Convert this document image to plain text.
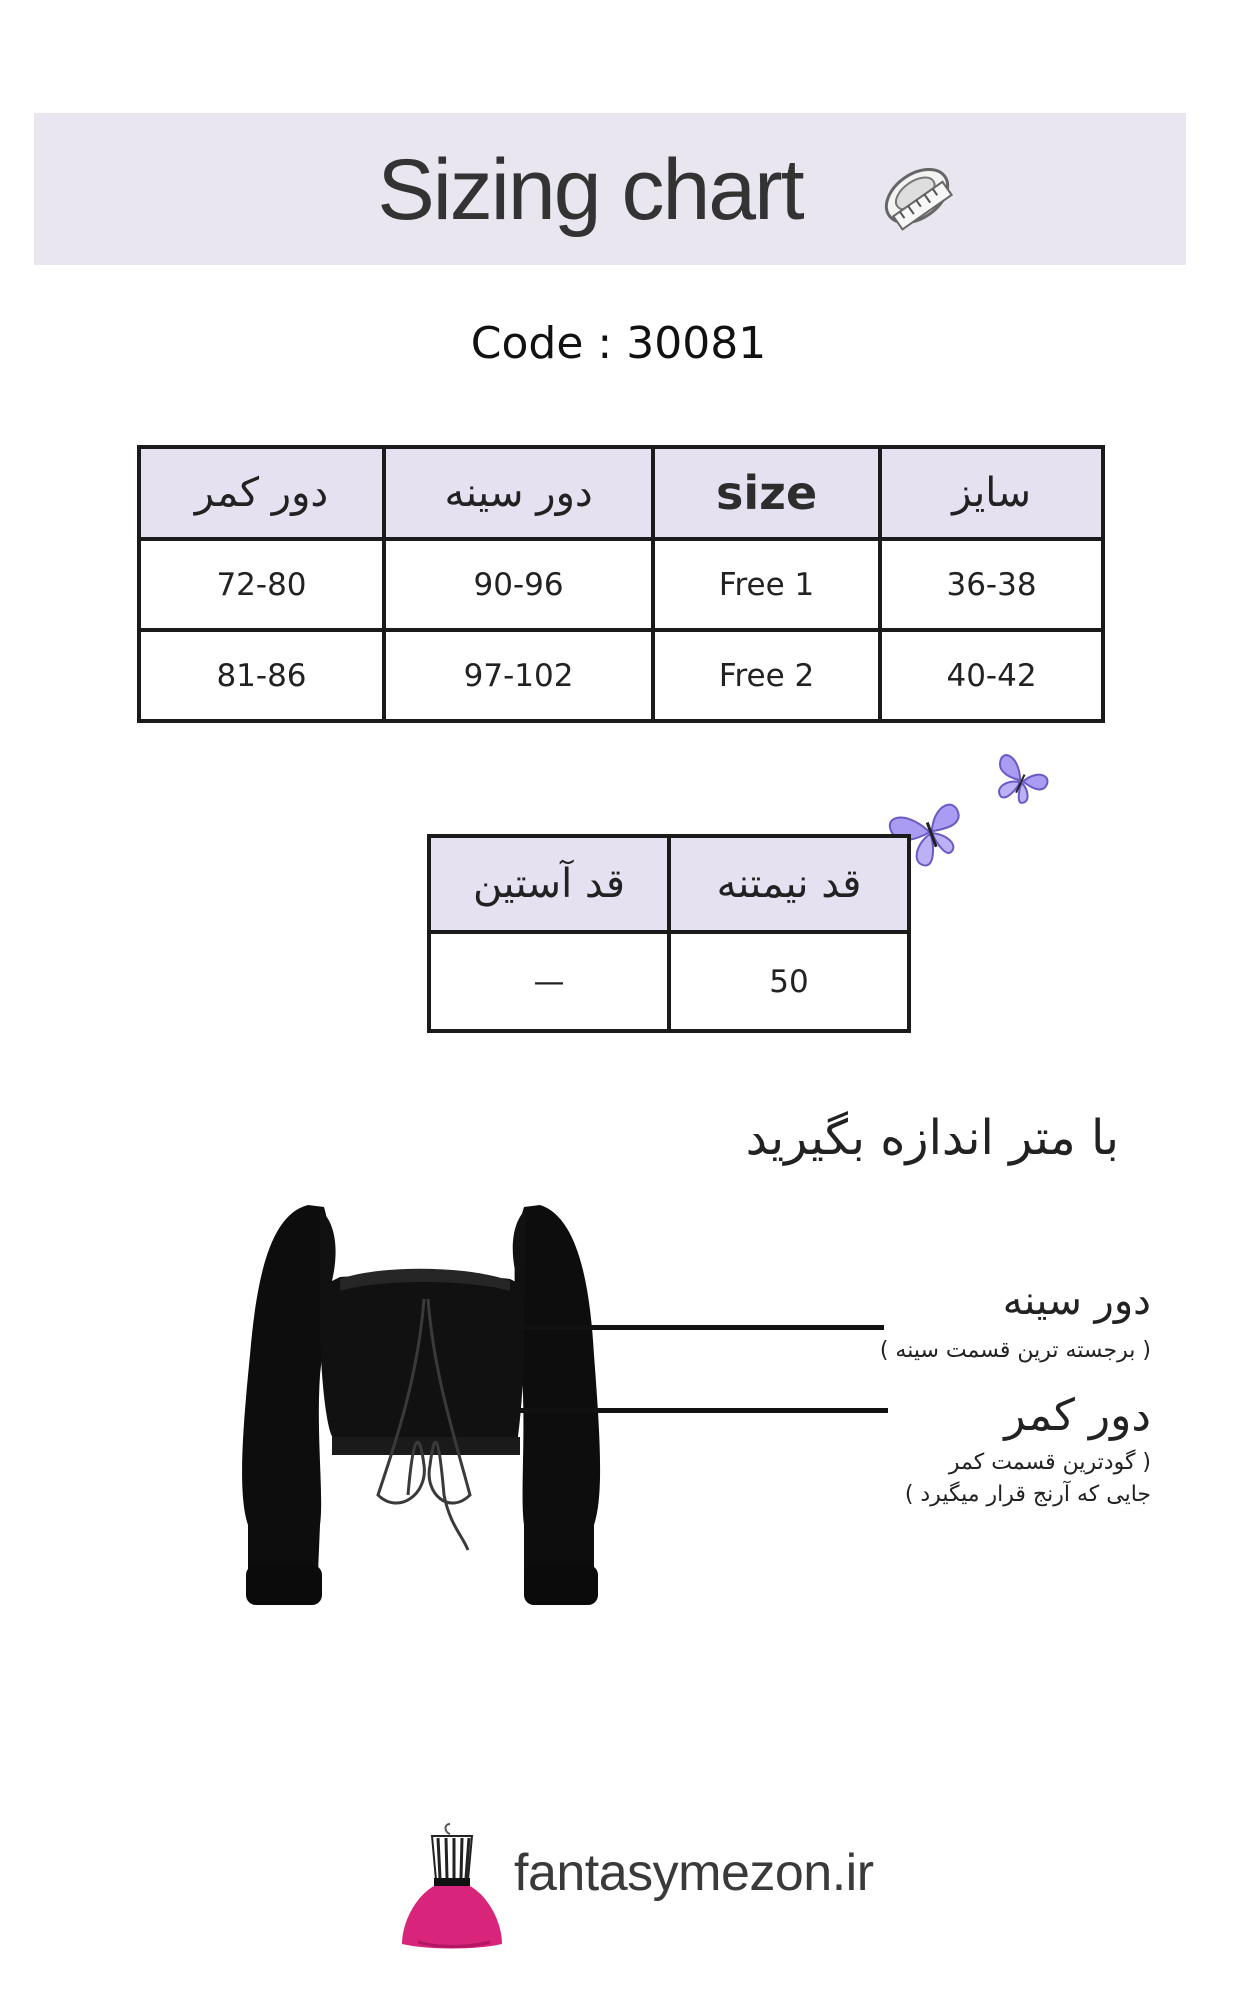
Sizing chart
Code : 30081
دور کمر	دور سینه	size	سایز
72-80	90-96	Free 1	36-38
81-86	97-102	Free 2	40-42
قد آستین	قد نیمتنه
—	50
با متر اندازه بگیرید
دور سینه
( برجسته ترین قسمت سینه )
دور کمر
( گودترین قسمت کمر
جایی که آرنج قرار میگیرد )
fantasymezon.ir
